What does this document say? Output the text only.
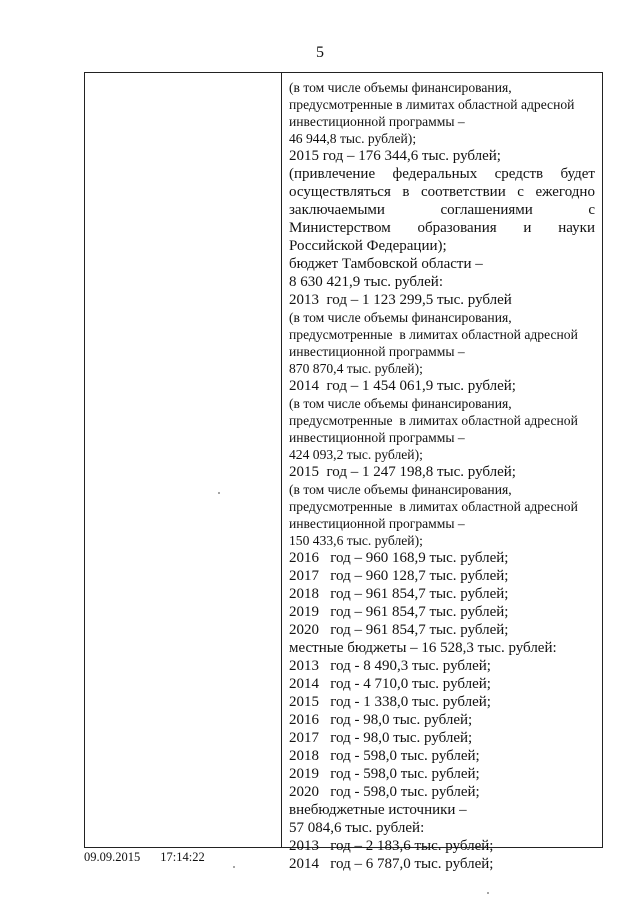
5

(в том числе объемы финансирования,

предусмотренные в лимитах областной адресной

инвестиционной программы –

46 944,8 тыс. рублей);

2015 год – 176 344,6 тыс. рублей;

(привлечение федеральных средств будет

осуществляться в соответствии с ежегодно

заключаемыми	соглашениями	с

Министерством образования и науки

Российской Федерации);

бюджет Тамбовской области –

8 630 421,9 тыс. рублей:

2013  год – 1 123 299,5 тыс. рублей

(в том числе объемы финансирования,

предусмотренные  в лимитах областной адресной

инвестиционной программы –

870 870,4 тыс. рублей);

2014  год – 1 454 061,9 тыс. рублей;

(в том числе объемы финансирования,

предусмотренные  в лимитах областной адресной

инвестиционной программы –

424 093,2 тыс. рублей);

2015  год – 1 247 198,8 тыс. рублей;

(в том числе объемы финансирования,

предусмотренные  в лимитах областной адресной

инвестиционной программы –

150 433,6 тыс. рублей);

2016   год – 960 168,9 тыс. рублей;

2017   год – 960 128,7 тыс. рублей;

2018   год – 961 854,7 тыс. рублей;

2019   год – 961 854,7 тыс. рублей;

2020   год – 961 854,7 тыс. рублей;

местные бюджеты – 16 528,3 тыс. рублей:

2013   год - 8 490,3 тыс. рублей;

2014   год - 4 710,0 тыс. рублей;

2015   год - 1 338,0 тыс. рублей;

2016   год - 98,0 тыс. рублей;

2017   год - 98,0 тыс. рублей;

2018   год - 598,0 тыс. рублей;

2019   год - 598,0 тыс. рублей;

2020   год - 598,0 тыс. рублей;

внебюджетные источники –

57 084,6 тыс. рублей:

2013   год – 2 183,6 тыс. рублей;

2014   год – 6 787,0 тыс. рублей;

09.09.2015 17:14:22
